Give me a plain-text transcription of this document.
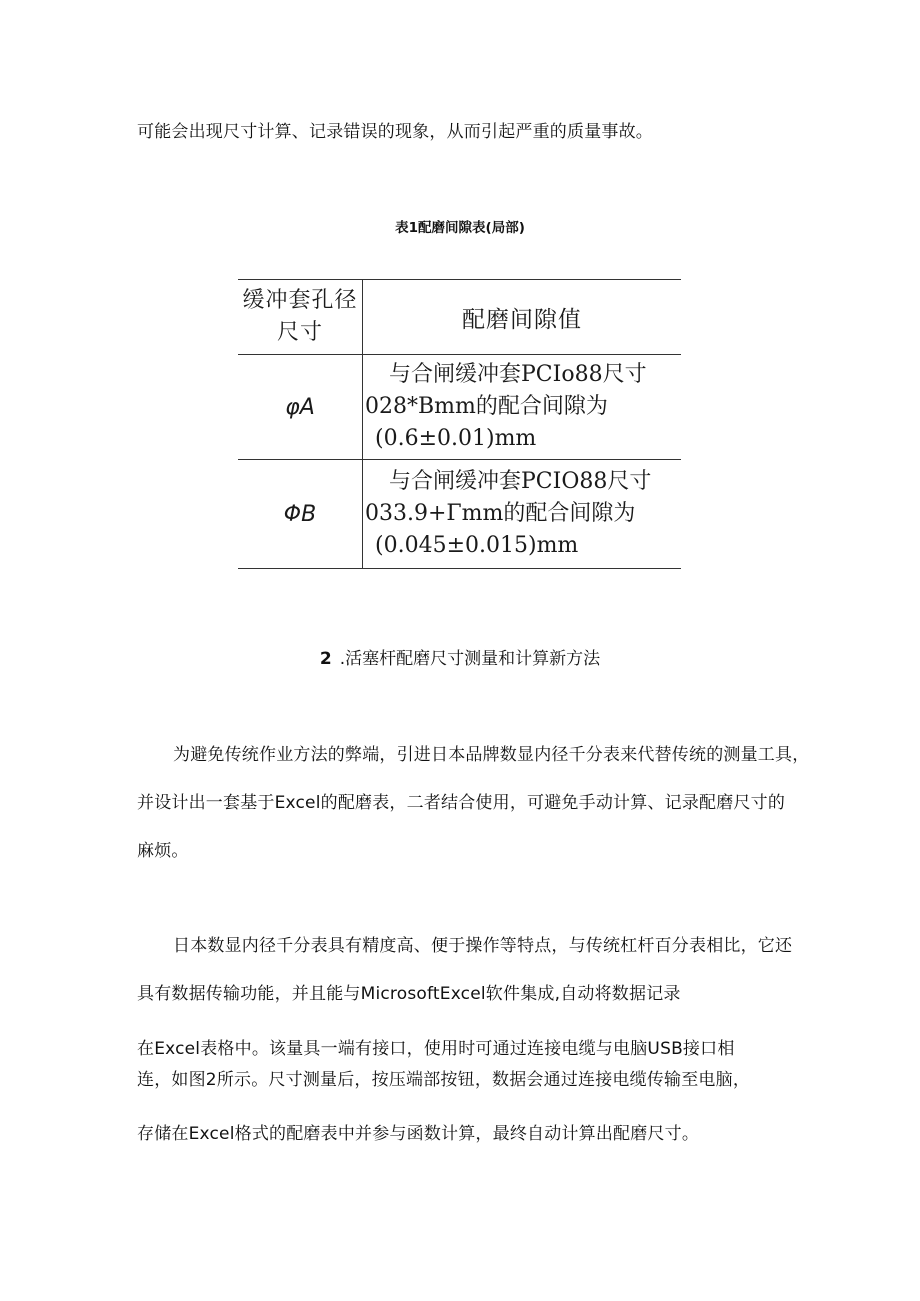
可能会出现尺寸计算、记录错误的现象，从而引起严重的质量事故。
表1配磨间隙表(局部)
缓冲套孔径
尺寸	配磨间隙值

φA	与合闸缓冲套PCIo88尺寸
028*Bmm的配合间隙为
(0.6±0.01)mm

ΦB	与合闸缓冲套PCIO88尺寸
033.9+Γmm的配合间隙为
(0.045±0.015)mm
2 .活塞杆配磨尺寸测量和计算新方法
为避免传统作业方法的弊端，引进日本品牌数显内径千分表来代替传统的测量工具，
并设计出一套基于Excel的配磨表，二者结合使用，可避免手动计算、记录配磨尺寸的
麻烦。
日本数显内径千分表具有精度高、便于操作等特点，与传统杠杆百分表相比，它还
具有数据传输功能，并且能与MicrosoftExcel软件集成,自动将数据记录
在Excel表格中。该量具一端有接口，使用时可通过连接电缆与电脑USB接口相
连，如图2所示。尺寸测量后，按压端部按钮，数据会通过连接电缆传输至电脑，
存储在Excel格式的配磨表中并参与函数计算，最终自动计算出配磨尺寸。
